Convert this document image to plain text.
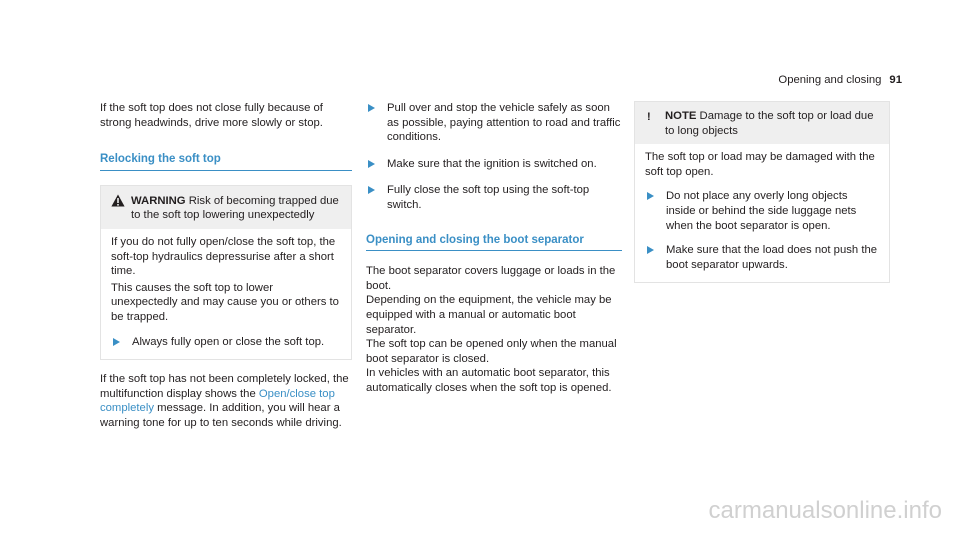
Opening and closing 91

If the soft top does not close fully because of strong headwinds, drive more slowly or stop.

Relocking the soft top
WARNING Risk of becoming trapped due to the soft top lowering unexpectedly

If you do not fully open/close the soft top, the soft-top hydraulics depressurise after a short time.

This causes the soft top to lower unexpectedly and may cause you or others to be trapped.

Always fully open or close the soft top.

If the soft top has not been completely locked, the multifunction display shows the Open/close top completely message. In addition, you will hear a warning tone for up to ten seconds while driving.

Pull over and stop the vehicle safely as soon as possible, paying attention to road and traffic conditions.
Make sure that the ignition is switched on.
Fully close the soft top using the soft-top switch.
Opening and closing the boot separator

The boot separator covers luggage or loads in the boot.

Depending on the equipment, the vehicle may be equipped with a manual or automatic boot separator.

The soft top can be opened only when the manual boot separator is closed.

In vehicles with an automatic boot separator, this automatically closes when the soft top is opened.

! NOTE Damage to the soft top or load due to long objects

The soft top or load may be damaged with the soft top open.

Do not place any overly long objects inside or behind the side luggage nets when the boot separator is open.
Make sure that the load does not push the boot separator upwards.
carmanualsonline.info
